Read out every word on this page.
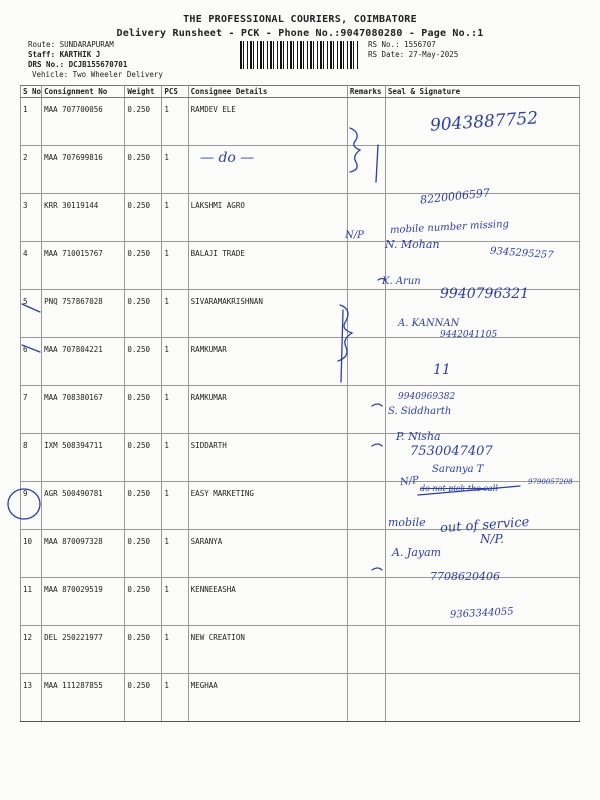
THE PROFESSIONAL COURIERS, COIMBATORE
Delivery Runsheet - PCK - Phone No.:9047080280 - Page No.:1
Route: SUNDARAPURAM
Staff: KARTHIK J
DRS No.: DCJB155670701
Vehicle: Two Wheeler Delivery
RS No.: 1556707
RS Date: 27-May-2025
S No	Consignment No	Weight	PCS	Consignee Details	Remarks	Seal & Signature
1	MAA 707700056	0.250	1	RAMDEV ELE		
2	MAA 707699816	0.250	1			
3	KRR 30119144	0.250	1	LAKSHMI AGRO		
4	MAA 710015767	0.250	1	BALAJI TRADE		
5	PNQ 757867028	0.250	1	SIVARAMAKRISHNAN		
6	MAA 707804221	0.250	1	RAMKUMAR		
7	MAA 708380167	0.250	1	RAMKUMAR		
8	IXM 508394711	0.250	1	SIDDARTH		
9	AGR 500490781	0.250	1	EASY MARKETING		
10	MAA 870097328	0.250	1	SARANYA		
11	MAA 870029519	0.250	1	KENNEEASHA		
12	DEL 250221977	0.250	1	NEW CREATION		
13	MAA 111287855	0.250	1	MEGHAA		
9043887752
— do —
8220006597
N/P	mobile number missing
N. Mohan
9345295257
K. Arun
9940796321
A. KANNAN
9442041105
11
9940969382
S. Siddharth
P. Nisha
7530047407
N/P
Saranya T
do not pick the call
9790057208
mobile out of service
N/P.
A. Jayam
7708620406
9363344055
